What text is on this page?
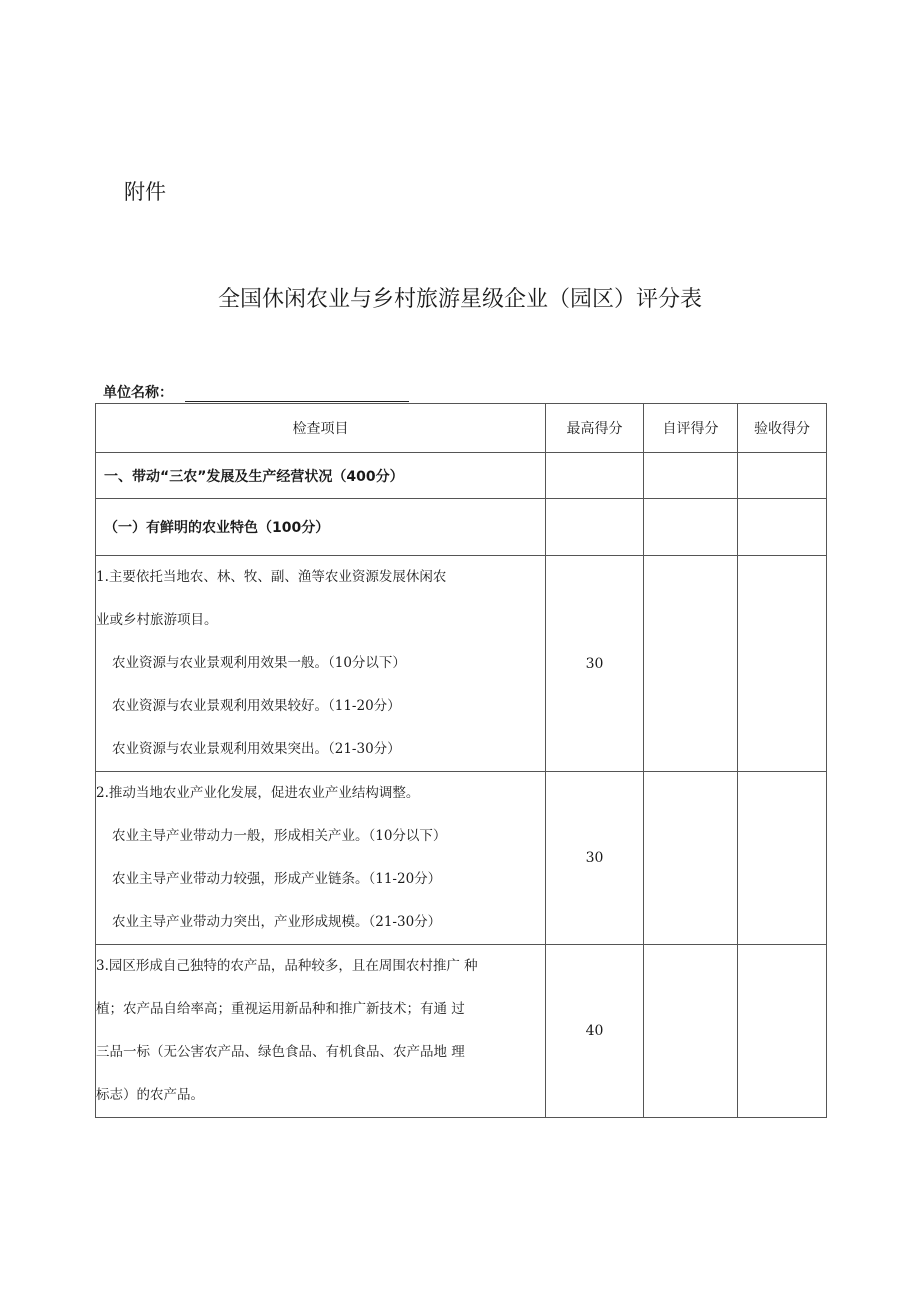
附件
全国休闲农业与乡村旅游星级企业（园区）评分表
单位名称：
检查项目	最高得分	自评得分	验收得分
一、带动“三农”发展及生产经营状况（400分）			
（一）有鲜明的农业特色（100分）			

1.主要依托当地农、林、牧、副、渔等农业资源发展休闲农
业或乡村旅游项目。
农业资源与农业景观利用效果一般。（10分以下）
农业资源与农业景观利用效果较好。（11-20分）
农业资源与农业景观利用效果突出。（21-30分）	30		

2.推动当地农业产业化发展，促进农业产业结构调整。
农业主导产业带动力一般，形成相关产业。（10分以下）
农业主导产业带动力较强，形成产业链条。（11-20分）
农业主导产业带动力突出，产业形成规模。（21-30分）	30		

3.园区形成自己独特的农产品，品种较多，且在周围农村推广 种
植；农产品自给率高；重视运用新品种和推广新技术；有通 过
三品一标（无公害农产品、绿色食品、有机食品、农产品地 理
标志）的农产品。	40		
